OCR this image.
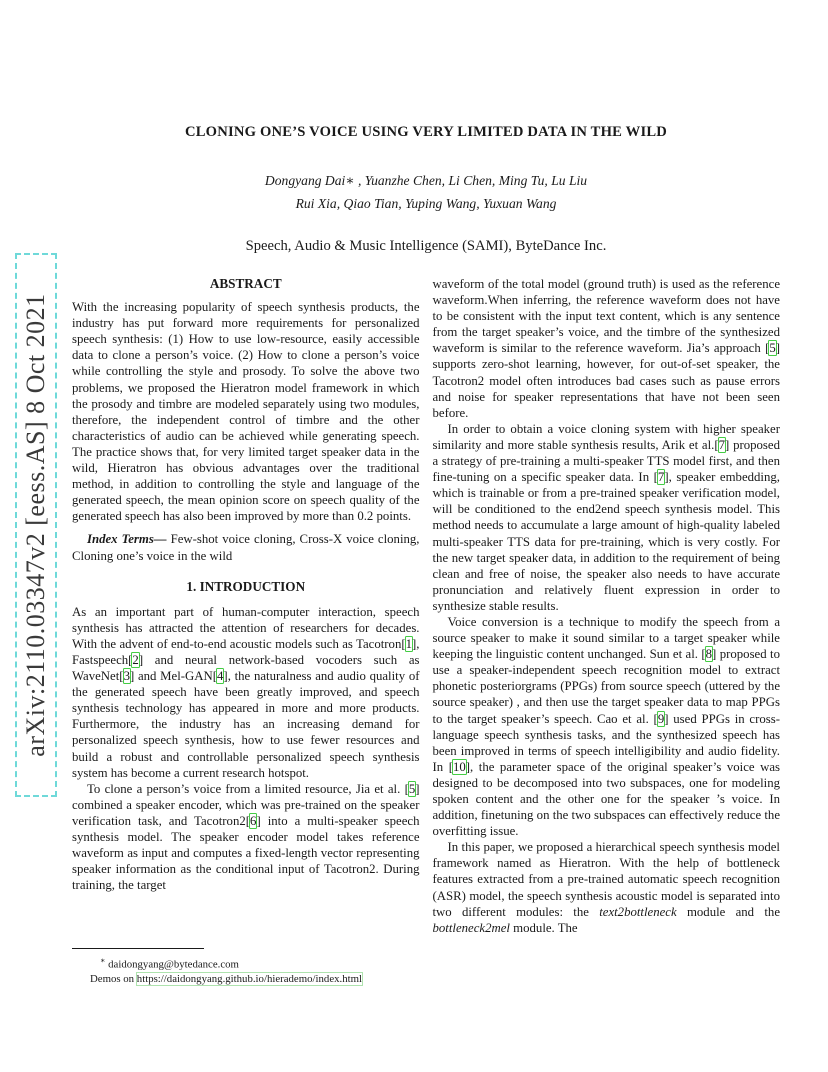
arXiv:2110.03347v2 [eess.AS] 8 Oct 2021
CLONING ONE’S VOICE USING VERY LIMITED DATA IN THE WILD
Dongyang Dai∗ , Yuanzhe Chen, Li Chen, Ming Tu, Lu Liu
Rui Xia, Qiao Tian, Yuping Wang, Yuxuan Wang
Speech, Audio & Music Intelligence (SAMI), ByteDance Inc.
ABSTRACT

With the increasing popularity of speech synthesis products, the industry has put forward more requirements for personalized speech synthesis: (1) How to use low-resource, easily accessible data to clone a person’s voice. (2) How to clone a person’s voice while controlling the style and prosody. To solve the above two problems, we proposed the Hieratron model framework in which the prosody and timbre are modeled separately using two modules, therefore, the independent control of timbre and the other characteristics of audio can be achieved while generating speech. The practice shows that, for very limited target speaker data in the wild, Hieratron has obvious advantages over the traditional method, in addition to controlling the style and language of the generated speech, the mean opinion score on speech quality of the generated speech has also been improved by more than 0.2 points.

Index Terms— Few-shot voice cloning, Cross-X voice cloning, Cloning one’s voice in the wild

1. INTRODUCTION

As an important part of human-computer interaction, speech synthesis has attracted the attention of researchers for decades. With the advent of end-to-end acoustic models such as Tacotron[1], Fastspeech[2] and neural network-based vocoders such as WaveNet[3] and Mel-GAN[4], the naturalness and audio quality of the generated speech have been greatly improved, and speech synthesis technology has appeared in more and more products. Furthermore, the industry has an increasing demand for personalized speech synthesis, how to use fewer resources and build a robust and controllable personalized speech synthesis system has become a current research hotspot.

To clone a person’s voice from a limited resource, Jia et al. [5] combined a speaker encoder, which was pre-trained on the speaker verification task, and Tacotron2[6] into a multi-speaker speech synthesis model. The speaker encoder model takes reference waveform as input and computes a fixed-length vector representing speaker information as the conditional input of Tacotron2. During training, the target

waveform of the total model (ground truth) is used as the reference waveform.When inferring, the reference waveform does not have to be consistent with the input text content, which is any sentence from the target speaker’s voice, and the timbre of the synthesized waveform is similar to the reference waveform. Jia’s approach [5] supports zero-shot learning, however, for out-of-set speaker, the Tacotron2 model often introduces bad cases such as pause errors and noise for speaker representations that have not been seen before.

In order to obtain a voice cloning system with higher speaker similarity and more stable synthesis results, Arik et al.[7] proposed a strategy of pre-training a multi-speaker TTS model first, and then fine-tuning on a specific speaker data. In [7], speaker embedding, which is trainable or from a pre-trained speaker verification model, will be conditioned to the end2end speech synthesis model. This method needs to accumulate a large amount of high-quality labeled multi-speaker TTS data for pre-training, which is very costly. For the new target speaker data, in addition to the requirement of being clean and free of noise, the speaker also needs to have accurate pronunciation and relatively fluent expression in order to synthesize stable results.

Voice conversion is a technique to modify the speech from a source speaker to make it sound similar to a target speaker while keeping the linguistic content unchanged. Sun et al. [8] proposed to use a speaker-independent speech recognition model to extract phonetic posteriorgrams (PPGs) from source speech (uttered by the source speaker) , and then use the target speaker data to map PPGs to the target speaker’s speech. Cao et al. [9] used PPGs in cross-language speech synthesis tasks, and the synthesized speech has been improved in terms of speech intelligibility and audio fidelity. In [10], the parameter space of the original speaker’s voice was designed to be decomposed into two subspaces, one for modeling spoken content and the other one for the speaker ’s voice. In addition, finetuning on the two subspaces can effectively reduce the overfitting issue.

In this paper, we proposed a hierarchical speech synthesis model framework named as Hieratron. With the help of bottleneck features extracted from a pre-trained automatic speech recognition (ASR) model, the speech synthesis acoustic model is separated into two different modules: the text2bottleneck module and the bottleneck2mel module. The

∗ daidongyang@bytedance.com
Demos on https://daidongyang.github.io/hierademo/index.html
